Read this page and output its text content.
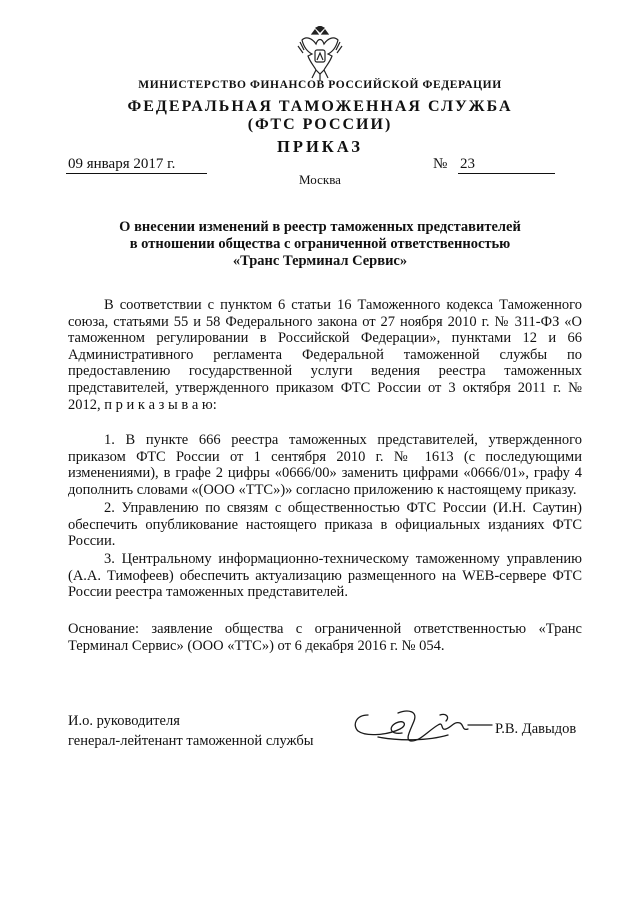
МИНИСТЕРСТВО ФИНАНСОВ РОССИЙСКОЙ ФЕДЕРАЦИИ
ФЕДЕРАЛЬНАЯ ТАМОЖЕННАЯ СЛУЖБА
(ФТС РОССИИ)
ПРИКАЗ
09 января 2017 г.	№ 23
Москва
О внесении изменений в реестр таможенных представителей
в отношении общества с ограниченной ответственностью
«Транс Терминал Сервис»

В соответствии с пунктом 6 статьи 16 Таможенного кодекса Таможенного союза, статьями 55 и 58 Федерального закона от 27 ноября 2010 г. № 311-ФЗ «О таможенном регулировании в Российской Федерации», пунктами 12 и 66 Административного регламента Федеральной таможенной службы по предоставлению государственной услуги ведения реестра таможенных представителей, утвержденного приказом ФТС России от 3 октября 2011 г. № 2012, п р и к а з ы в а ю:

1. В пункте 666 реестра таможенных представителей, утвержденного приказом ФТС России от 1 сентября 2010 г. № 1613 (с последующими изменениями), в графе 2 цифры «0666/00» заменить цифрами «0666/01», графу 4 дополнить словами «(ООО «ТТС»)» согласно приложению к настоящему приказу.

2. Управлению по связям с общественностью ФТС России (И.Н. Саутин) обеспечить опубликование настоящего приказа в официальных изданиях ФТС России.

3. Центральному информационно-техническому таможенному управлению (А.А. Тимофеев) обеспечить актуализацию размещенного на WEB-сервере ФТС России реестра таможенных представителей.

Основание: заявление общества с ограниченной ответственностью «Транс Терминал Сервис» (ООО «ТТС») от 6 декабря 2016 г. № 054.

И.о. руководителя
генерал-лейтенант таможенной службы
Р.В. Давыдов
